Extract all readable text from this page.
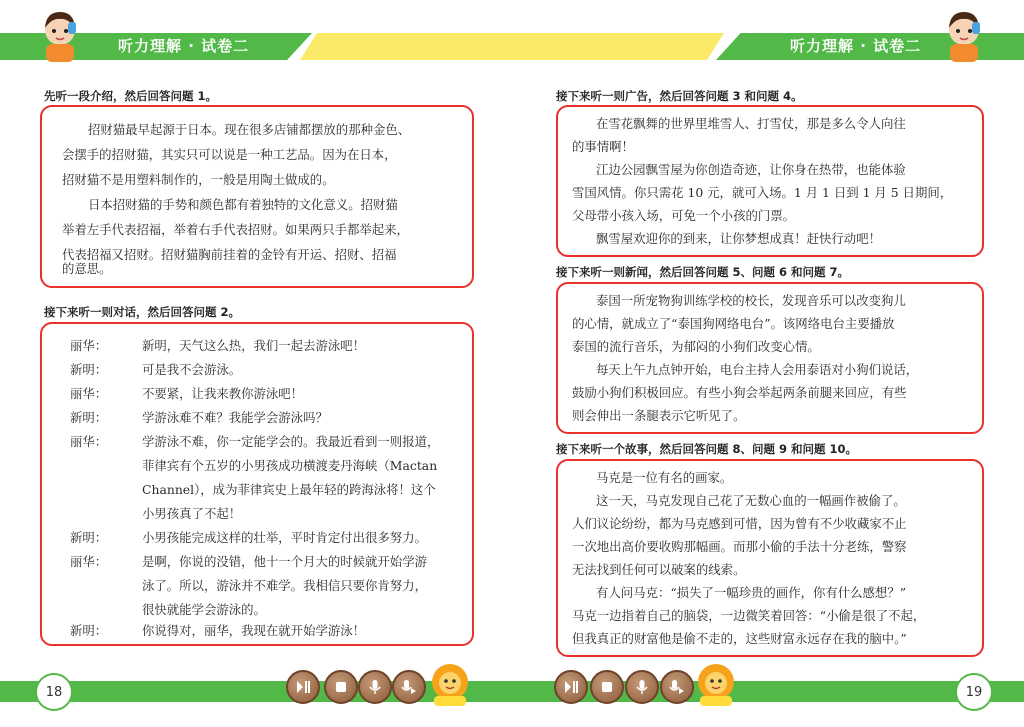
听力理解 · 试卷二	听力理解 · 试卷二
先听一段介绍，然后回答问题 1。
招财猫最早起源于日本。现在很多店铺都摆放的那种金色、
会摆手的招财猫，其实只可以说是一种工艺品。因为在日本，
招财猫不是用塑料制作的，一般是用陶土做成的。
日本招财猫的手势和颜色都有着独特的文化意义。招财猫
举着左手代表招福，举着右手代表招财。如果两只手都举起来，
代表招福又招财。招财猫胸前挂着的金铃有开运、招财、招福
的意思。
接下来听一则对话，然后回答问题 2。
丽华：	新明，天气这么热，我们一起去游泳吧！
新明：	可是我不会游泳。
丽华：	不要紧，让我来教你游泳吧！
新明：	学游泳难不难？我能学会游泳吗？
丽华：	学游泳不难，你一定能学会的。我最近看到一则报道，
菲律宾有个五岁的小男孩成功横渡麦丹海峡（Mactan
Channel），成为菲律宾史上最年轻的跨海泳将！这个
小男孩真了不起！
新明：	小男孩能完成这样的壮举，平时肯定付出很多努力。
丽华：	是啊，你说的没错，他十一个月大的时候就开始学游
泳了。所以，游泳并不难学。我相信只要你肯努力，
很快就能学会游泳的。
新明：	你说得对，丽华，我现在就开始学游泳！
接下来听一则广告，然后回答问题 3 和问题 4。
在雪花飘舞的世界里堆雪人、打雪仗，那是多么令人向往
的事情啊！
江边公园飘雪屋为你创造奇迹，让你身在热带，也能体验
雪国风情。你只需花 10 元，就可入场。1 月 1 日到 1 月 5 日期间，
父母带小孩入场，可免一个小孩的门票。
飘雪屋欢迎你的到来，让你梦想成真！赶快行动吧！
接下来听一则新闻，然后回答问题 5、问题 6 和问题 7。
泰国一所宠物狗训练学校的校长，发现音乐可以改变狗儿
的心情，就成立了“泰国狗网络电台”。该网络电台主要播放
泰国的流行音乐，为郁闷的小狗们改变心情。
每天上午九点钟开始，电台主持人会用泰语对小狗们说话，
鼓励小狗们积极回应。有些小狗会举起两条前腿来回应，有些
则会伸出一条腿表示它听见了。
接下来听一个故事，然后回答问题 8、问题 9 和问题 10。
马克是一位有名的画家。
这一天，马克发现自己花了无数心血的一幅画作被偷了。
人们议论纷纷，都为马克感到可惜，因为曾有不少收藏家不止
一次地出高价要收购那幅画。而那小偷的手法十分老练，警察
无法找到任何可以破案的线索。
有人问马克：“损失了一幅珍贵的画作，你有什么感想？”
马克一边指着自己的脑袋，一边微笑着回答：“小偷是很了不起，
但我真正的财富他是偷不走的，这些财富永远存在我的脑中。”
18	19
